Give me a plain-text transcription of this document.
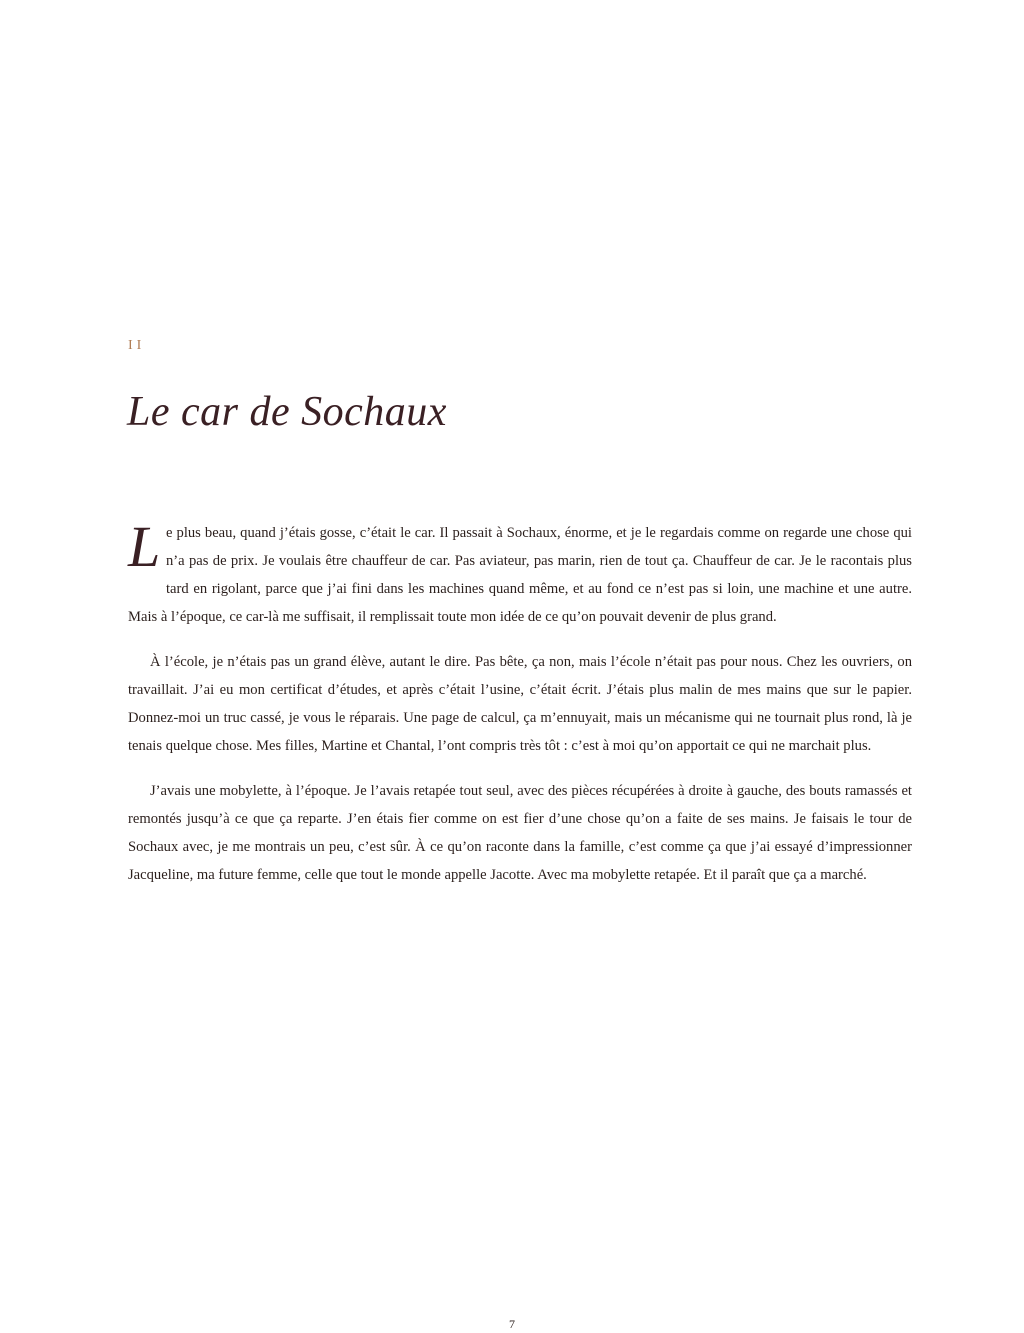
II
Le car de Sochaux

Le plus beau, quand j’étais gosse, c’était le car. Il passait à Sochaux, énorme, et je le regardais comme on regarde une chose qui n’a pas de prix. Je voulais être chauffeur de car. Pas aviateur, pas marin, rien de tout ça. Chauffeur de car. Je le racontais plus tard en rigolant, parce que j’ai fini dans les machines quand même, et au fond ce n’est pas si loin, une machine et une autre. Mais à l’époque, ce car-là me suffisait, il remplissait toute mon idée de ce qu’on pouvait devenir de plus grand.

À l’école, je n’étais pas un grand élève, autant le dire. Pas bête, ça non, mais l’école n’était pas pour nous. Chez les ouvriers, on travaillait. J’ai eu mon certificat d’études, et après c’était l’usine, c’était écrit. J’étais plus malin de mes mains que sur le papier. Donnez-moi un truc cassé, je vous le réparais. Une page de calcul, ça m’ennuyait, mais un mécanisme qui ne tournait plus rond, là je tenais quelque chose. Mes filles, Martine et Chantal, l’ont compris très tôt : c’est à moi qu’on apportait ce qui ne marchait plus.

J’avais une mobylette, à l’époque. Je l’avais retapée tout seul, avec des pièces récupérées à droite à gauche, des bouts ramassés et remontés jusqu’à ce que ça reparte. J’en étais fier comme on est fier d’une chose qu’on a faite de ses mains. Je faisais le tour de Sochaux avec, je me montrais un peu, c’est sûr. À ce qu’on raconte dans la famille, c’est comme ça que j’ai essayé d’impressionner Jacqueline, ma future femme, celle que tout le monde appelle Jacotte. Avec ma mobylette retapée. Et il paraît que ça a marché.

7
